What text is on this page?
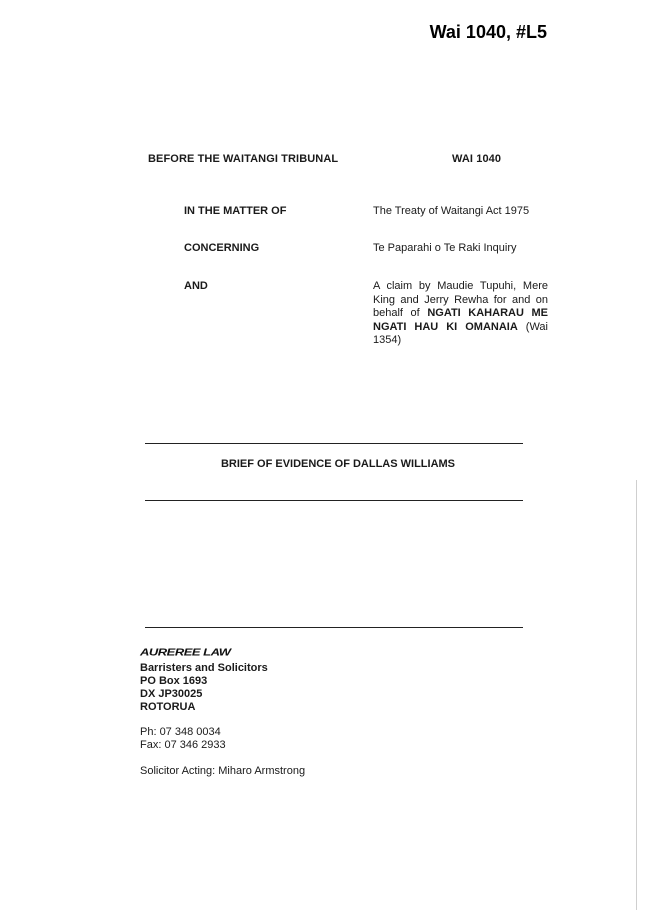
Wai 1040, #L5
BEFORE THE WAITANGI TRIBUNAL	WAI 1040
IN THE MATTER OF	The Treaty of Waitangi Act 1975
CONCERNING	Te Paparahi o Te Raki Inquiry
AND	A claim by Maudie Tupuhi, Mere King and Jerry Rewha for and on behalf of NGATI KAHARAU ME NGATI HAU KI OMANAIA (Wai 1354)
BRIEF OF EVIDENCE OF DALLAS WILLIAMS
AUREREE LAW
Barristers and Solicitors
PO Box 1693
DX JP30025
ROTORUA
Ph: 07 348 0034
Fax: 07 346 2933
Solicitor Acting: Miharo Armstrong
